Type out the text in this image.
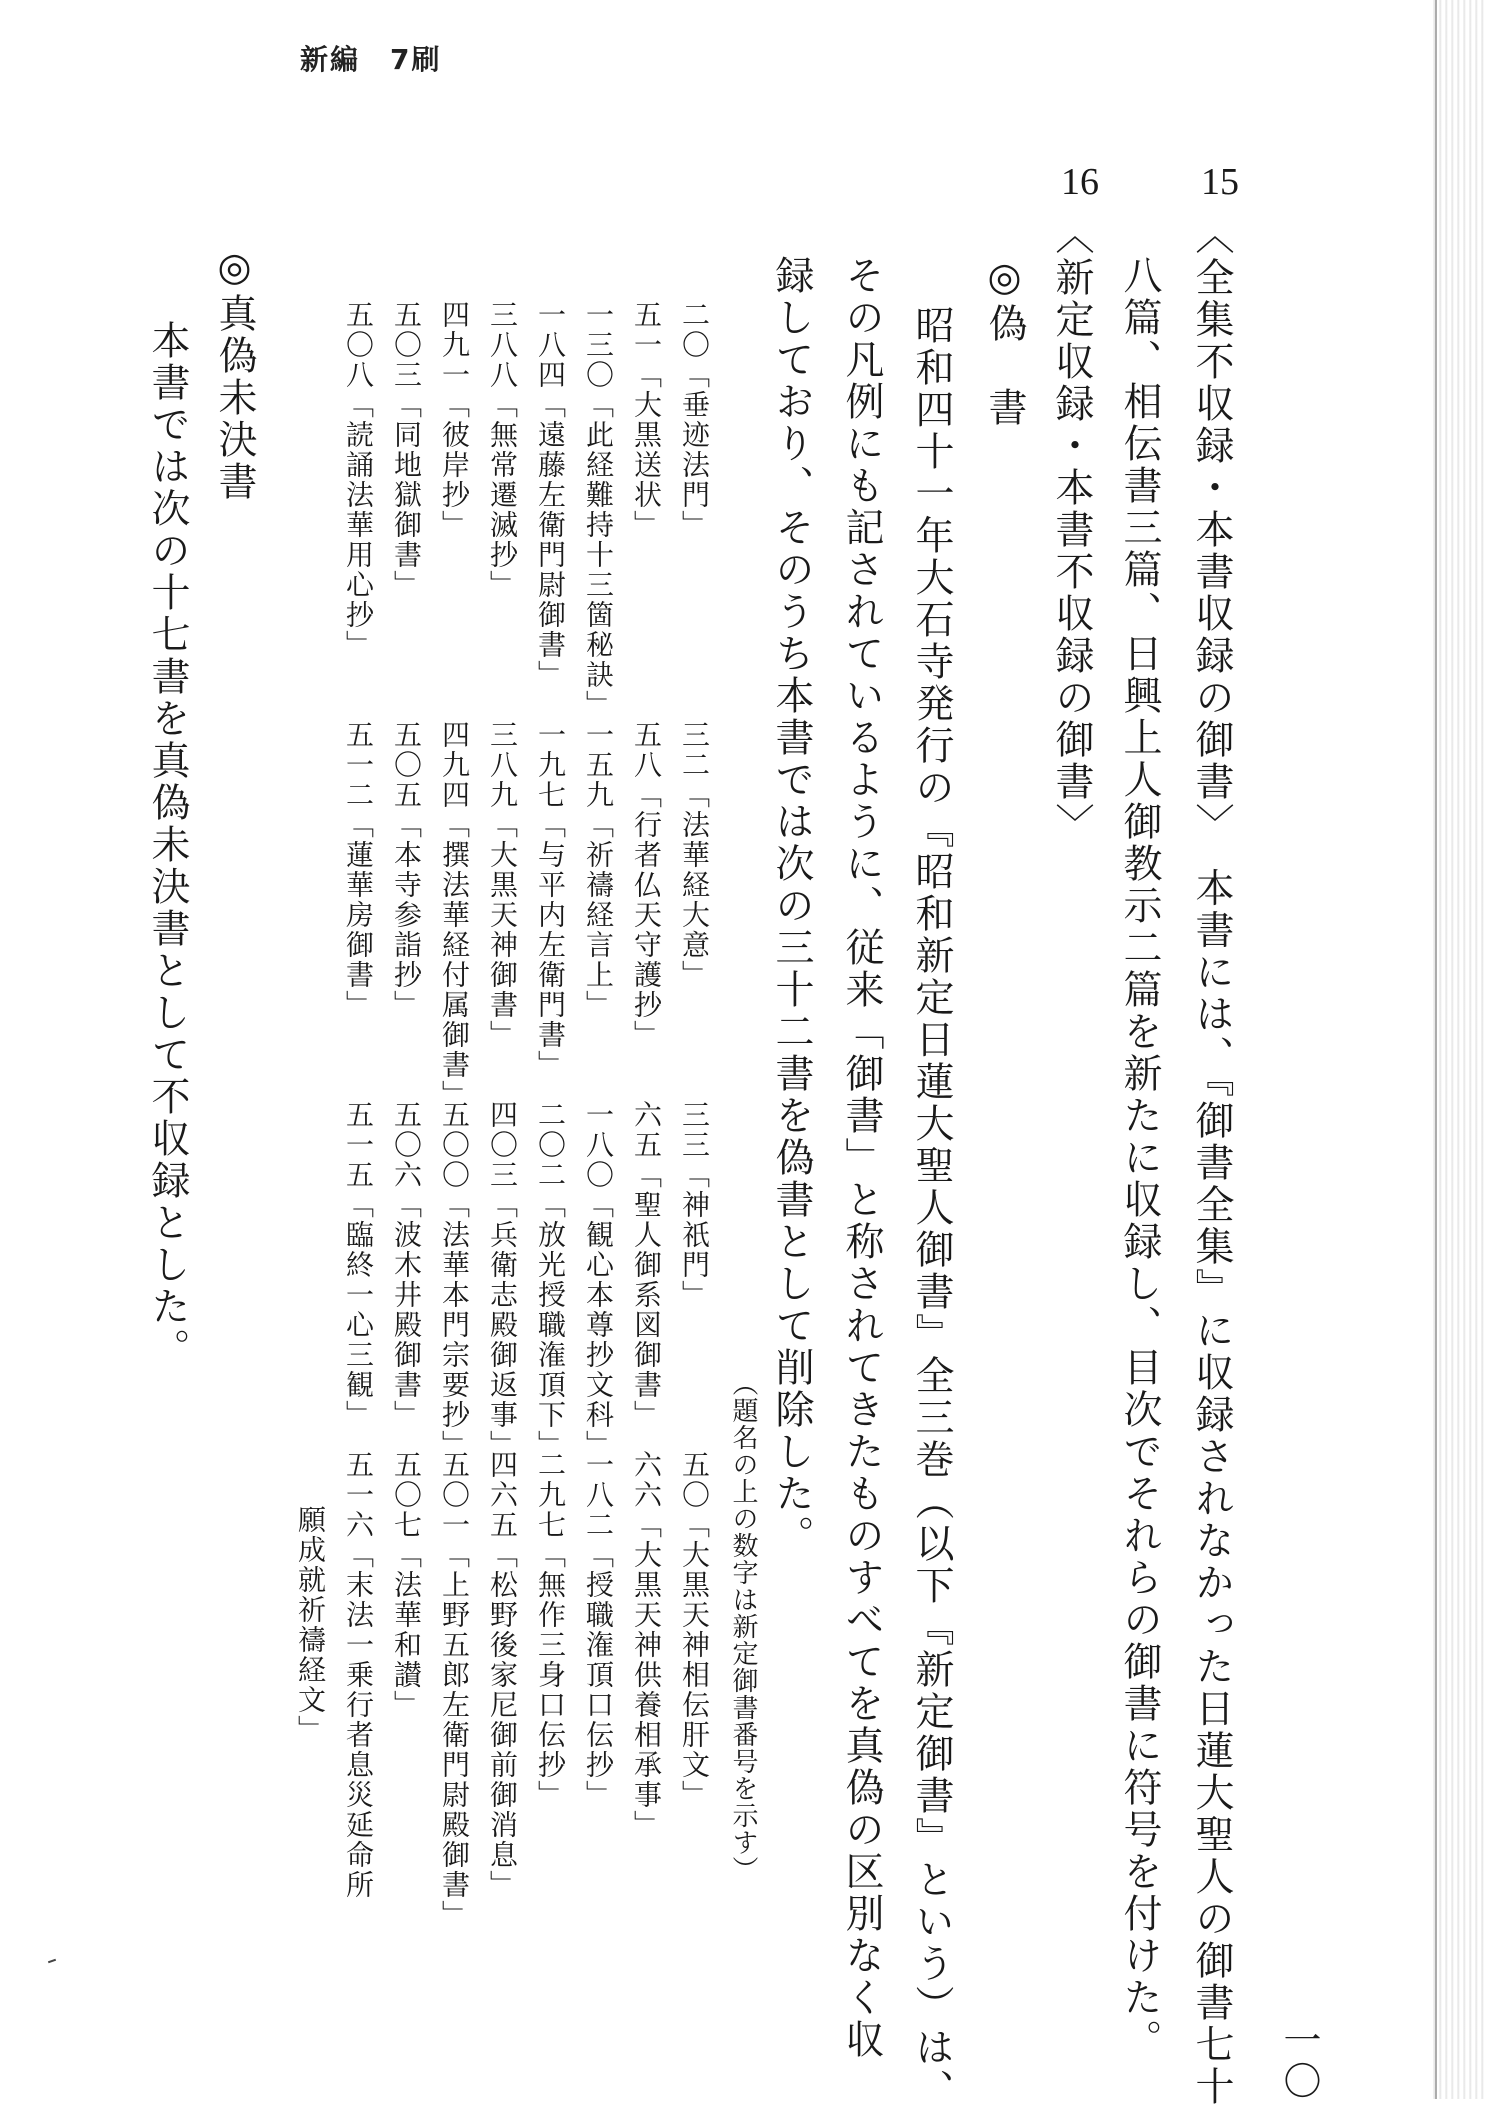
新編　7刷
15
〈全集不収録・本書収録の御書〉　本書には、『御書全集』に収録されなかった日蓮大聖人の御書七十
八篇、相伝書三篇、日興上人御教示二篇を新たに収録し、目次でそれらの御書に符号を付けた。
16
〈新定収録・本書不収録の御書〉
◎偽　書
昭和四十一年大石寺発行の『昭和新定日蓮大聖人御書』全三巻（以下『新定御書』という）は、
その凡例にも記されているように、従来「御書」と称されてきたものすべてを真偽の区別なく収
録しており、そのうち本書では次の三十二書を偽書として削除した。
（題名の上の数字は新定御書番号を示す）
二〇「垂迹法門」
三二「法華経大意」
三三「神祇門」
五〇「大黒天神相伝肝文」
五一「大黒送状」
五八「行者仏天守護抄」
六五「聖人御系図御書」
六六「大黒天神供養相承事」
一三〇「此経難持十三箇秘訣」
一五九「祈禱経言上」
一八〇「観心本尊抄文科」
一八二「授職潅頂口伝抄」
一八四「遠藤左衛門尉御書」
一九七「与平内左衛門書」
二〇二「放光授職潅頂下」
二九七「無作三身口伝抄」
三八八「無常遷滅抄」
三八九「大黒天神御書」
四〇三「兵衛志殿御返事」
四六五「松野後家尼御前御消息」
四九一「彼岸抄」
四九四「撰法華経付属御書」
五〇〇「法華本門宗要抄」
五〇一「上野五郎左衛門尉殿御書」
五〇三「同地獄御書」
五〇五「本寺参詣抄」
五〇六「波木井殿御書」
五〇七「法華和讃」
五〇八「読誦法華用心抄」
五一二「蓮華房御書」
五一五「臨終一心三観」
五一六「末法一乗行者息災延命所
願成就祈禱経文」
◎真偽未決書
本書では次の十七書を真偽未決書として不収録とした。
一〇
